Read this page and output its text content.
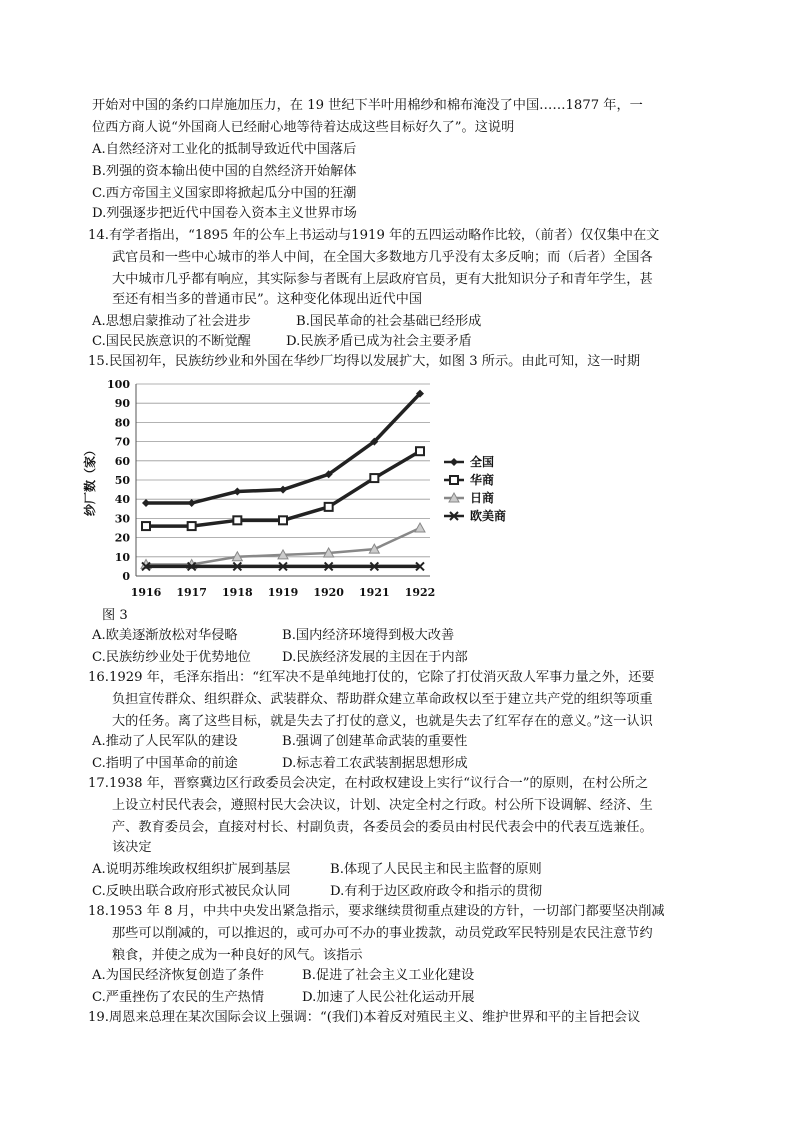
开始对中国的条约口岸施加压力，在 19 世纪下半叶用棉纱和棉布淹没了中国……1877 年，一
位西方商人说“外国商人已经耐心地等待着达成这些目标好久了”。这说明
A.自然经济对工业化的抵制导致近代中国落后
B.列强的资本输出使中国的自然经济开始解体
C.西方帝国主义国家即将掀起瓜分中国的狂潮
D.列强逐步把近代中国卷入资本主义世界市场
14.有学者指出，“1895 年的公车上书运动与1919 年的五四运动略作比较，（前者）仅仅集中在文
武官员和一些中心城市的举人中间，在全国大多数地方几乎没有太多反响；而（后者）全国各
大中城市几乎都有响应，其实际参与者既有上层政府官员，更有大批知识分子和青年学生，甚
至还有相当多的普通市民”。这种变化体现出近代中国
A.思想启蒙推动了社会进步	B.国民革命的社会基础已经形成
C.国民民族意识的不断觉醒	D.民族矛盾已成为社会主要矛盾
15.民国初年，民族纺纱业和外国在华纱厂均得以发展扩大，如图 3 所示。由此可知，这一时期
0
10
20
30
40
50
60
70
80
90
100
1916 1917 1918 1919 1920 1921 1922
纱厂数（家）	全国
华商
日商
欧美商
图 3
A.欧美逐渐放松对华侵略	B.国内经济环境得到极大改善
C.民族纺纱业处于优势地位 D.民族经济发展的主因在于内部
16.1929 年，毛泽东指出：“红军决不是单纯地打仗的，它除了打仗消灭敌人军事力量之外，还要
负担宣传群众、组织群众、武装群众、帮助群众建立革命政权以至于建立共产党的组织等项重
大的任务。离了这些目标，就是失去了打仗的意义，也就是失去了红军存在的意义。”这一认识
A.推动了人民军队的建设	B.强调了创建革命武装的重要性
C.指明了中国革命的前途	D.标志着工农武装割据思想形成
17.1938 年，晋察冀边区行政委员会决定，在村政权建设上实行“议行合一”的原则，在村公所之
上设立村民代表会，遵照村民大会决议，计划、决定全村之行政。村公所下设调解、经济、生
产、教育委员会，直接对村长、村副负责，各委员会的委员由村民代表会中的代表互选兼任。
该决定
A.说明苏维埃政权组织扩展到基层	B.体现了人民民主和民主监督的原则
C.反映出联合政府形式被民众认同	D.有利于边区政府政令和指示的贯彻
18.1953 年 8 月，中共中央发出紧急指示，要求继续贯彻重点建设的方针，一切部门都要坚决削减
那些可以削减的，可以推迟的，或可办可不办的事业拨款，动员党政军民特别是农民注意节约
粮食，并使之成为一种良好的风气。该指示
A.为国民经济恢复创造了条件	B.促进了社会主义工业化建设
C.严重挫伤了农民的生产热情	D.加速了人民公社化运动开展
19.周恩来总理在某次国际会议上强调：“(我们)本着反对殖民主义、维护世界和平的主旨把会议
